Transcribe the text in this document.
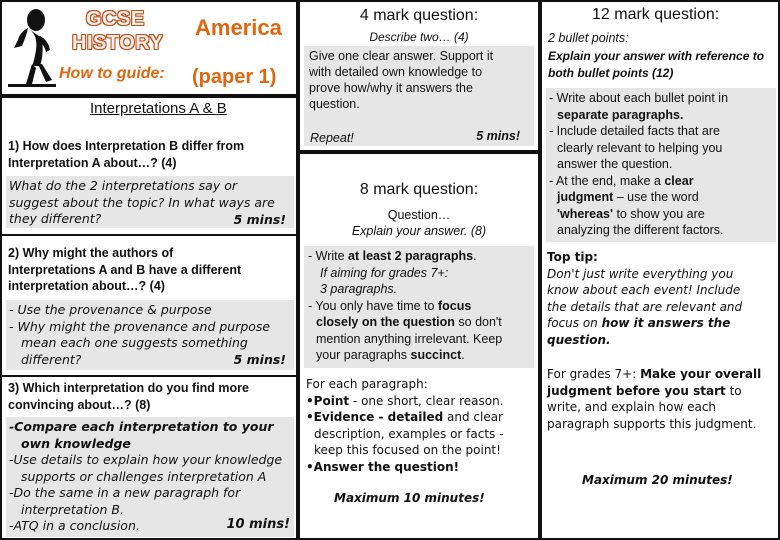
GCSE
HISTORY
America
How to guide: (paper 1)
Interpretations A & B
1) How does Interpretation B differ from
Interpretation A about…? (4)
What do the 2 interpretations say or
suggest about the topic? In what ways are
they different?	5 mins!
2) Why might the authors of
Interpretations A and B have a different
interpretation about…? (4)
- Use the provenance & purpose
- Why might the provenance and purpose
mean each one suggests something
different?	5 mins!
3) Which interpretation do you find more
convincing about…? (8)
-Compare each interpretation to your
own knowledge
-Use details to explain how your knowledge
supports or challenges interpretation A
-Do the same in a new paragraph for
interpretation B.
-ATQ in a conclusion.	10 mins!
4 mark question:
Describe two… (4)
Give one clear answer. Support it
with detailed own knowledge to
prove how/why it answers the
question.
Repeat!	5 mins!
8 mark question:
Question…
Explain your answer. (8)
- Write at least 2 paragraphs.
If aiming for grades 7+:
3 paragraphs.
- You only have time to focus
closely on the question so don't
mention anything irrelevant. Keep
your paragraphs succinct.
For each paragraph:
•Point - one short, clear reason.
•Evidence - detailed and clear
description, examples or facts -
keep this focused on the point!
•Answer the question!
Maximum 10 minutes!
12 mark question:
2 bullet points:
Explain your answer with reference to
both bullet points (12)
- Write about each bullet point in
separate paragraphs.
- Include detailed facts that are
clearly relevant to helping you
answer the question.
- At the end, make a clear
judgment – use the word
'whereas' to show you are
analyzing the different factors.
Top tip:
Don't just write everything you
know about each event! Include
the details that are relevant and
focus on how it answers the
question.
For grades 7+: Make your overall
judgment before you start to
write, and explain how each
paragraph supports this judgment.
Maximum 20 minutes!
